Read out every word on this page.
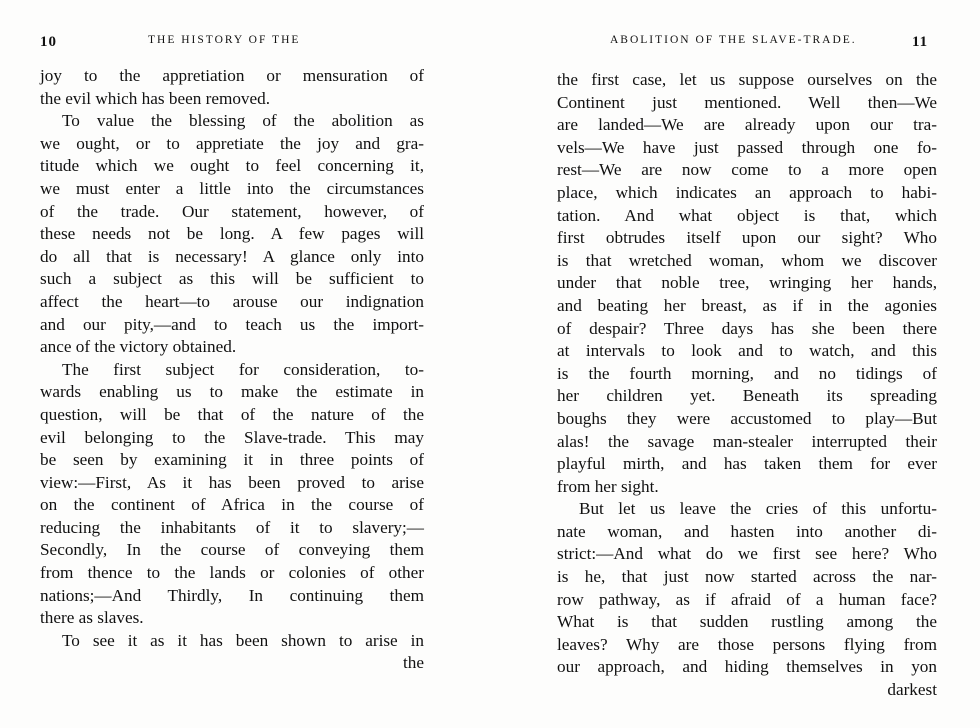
10	THE HISTORY OF THE
joy to the appretiation or mensuration of
the evil which has been removed.
To value the blessing of the abolition as
we ought, or to appretiate the joy and gra-
titude which we ought to feel concerning it,
we must enter a little into the circumstances
of the trade. Our statement, however, of
these needs not be long. A few pages will
do all that is necessary! A glance only into
such a subject as this will be sufficient to
affect the heart—to arouse our indignation
and our pity,—and to teach us the import-
ance of the victory obtained.
The first subject for consideration, to-
wards enabling us to make the estimate in
question, will be that of the nature of the
evil belonging to the Slave-trade. This may
be seen by examining it in three points of
view:—First, As it has been proved to arise
on the continent of Africa in the course of
reducing the inhabitants of it to slavery;—
Secondly, In the course of conveying them
from thence to the lands or colonies of other
nations;—And Thirdly, In continuing them
there as slaves.
To see it as it has been shown to arise in
the
ABOLITION OF THE SLAVE-TRADE.	11
the first case, let us suppose ourselves on the
Continent just mentioned. Well then—We
are landed—We are already upon our tra-
vels—We have just passed through one fo-
rest—We are now come to a more open
place, which indicates an approach to habi-
tation. And what object is that, which
first obtrudes itself upon our sight? Who
is that wretched woman, whom we discover
under that noble tree, wringing her hands,
and beating her breast, as if in the agonies
of despair? Three days has she been there
at intervals to look and to watch, and this
is the fourth morning, and no tidings of
her children yet. Beneath its spreading
boughs they were accustomed to play—But
alas! the savage man-stealer interrupted their
playful mirth, and has taken them for ever
from her sight.
But let us leave the cries of this unfortu-
nate woman, and hasten into another di-
strict:—And what do we first see here? Who
is he, that just now started across the nar-
row pathway, as if afraid of a human face?
What is that sudden rustling among the
leaves? Why are those persons flying from
our approach, and hiding themselves in yon
darkest
